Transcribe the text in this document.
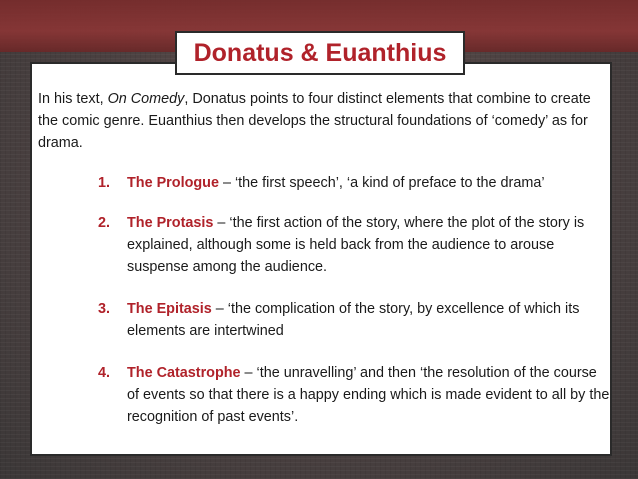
Donatus & Euanthius
In his text, On Comedy, Donatus points to four distinct elements that combine to create the comic genre. Euanthius then develops the structural foundations of ‘comedy’ as for drama.
1. The Prologue – ‘the first speech’, ‘a kind of preface to the drama’
2. The Protasis – ‘the first action of the story, where the plot of the story is explained, although some is held back from the audience to arouse suspense among the audience.
3. The Epitasis – ‘the complication of the story, by excellence of which its elements are intertwined
4. The Catastrophe – ‘the unravelling’ and then ‘the resolution of the course of events so that there is a happy ending which is made evident to all by the recognition of past events’.
